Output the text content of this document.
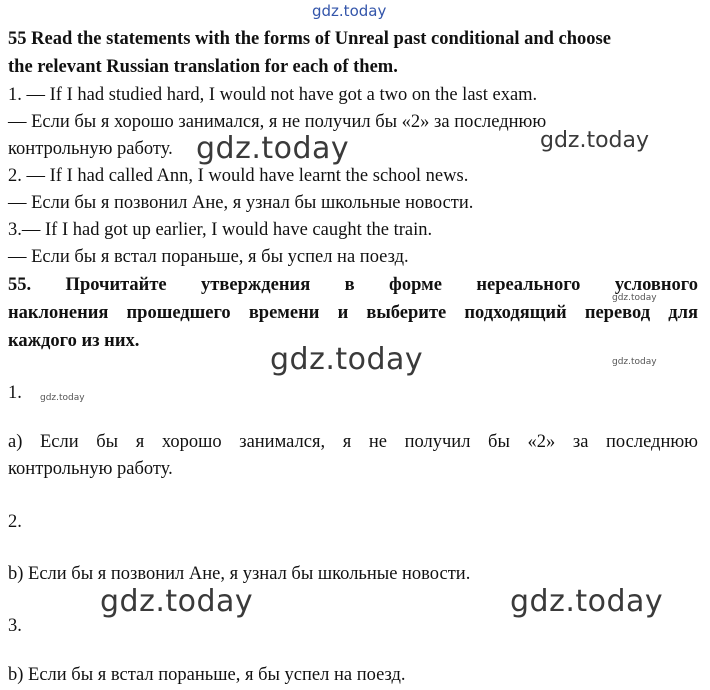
gdz.today
gdz.today	gdz.today
gdz.today
gdz.today	gdz.today
gdz.today
gdz.today	gdz.today
55 Read the statements with the forms of Unreal past conditional and choose
the relevant Russian translation for each of them.
1. — If I had studied hard, I would not have got a two on the last exam.
— Если бы я хорошо занимался, я не получил бы «2» за последнюю
контрольную работу.
2. — If I had called Ann, I would have learnt the school news.
— Если бы я позвонил Ане, я узнал бы школьные новости.
3.— If I had got up earlier, I would have caught the train.
— Если бы я встал пораньше, я бы успел на поезд.
55. Прочитайте утверждения в форме нереального условного
наклонения прошедшего времени и выберите подходящий перевод для
каждого из них.
1.
a) Если бы я хорошо занимался, я не получил бы «2» за последнюю
контрольную работу.
2.
b) Если бы я позвонил Ане, я узнал бы школьные новости.
3.
b) Если бы я встал пораньше, я бы успел на поезд.
